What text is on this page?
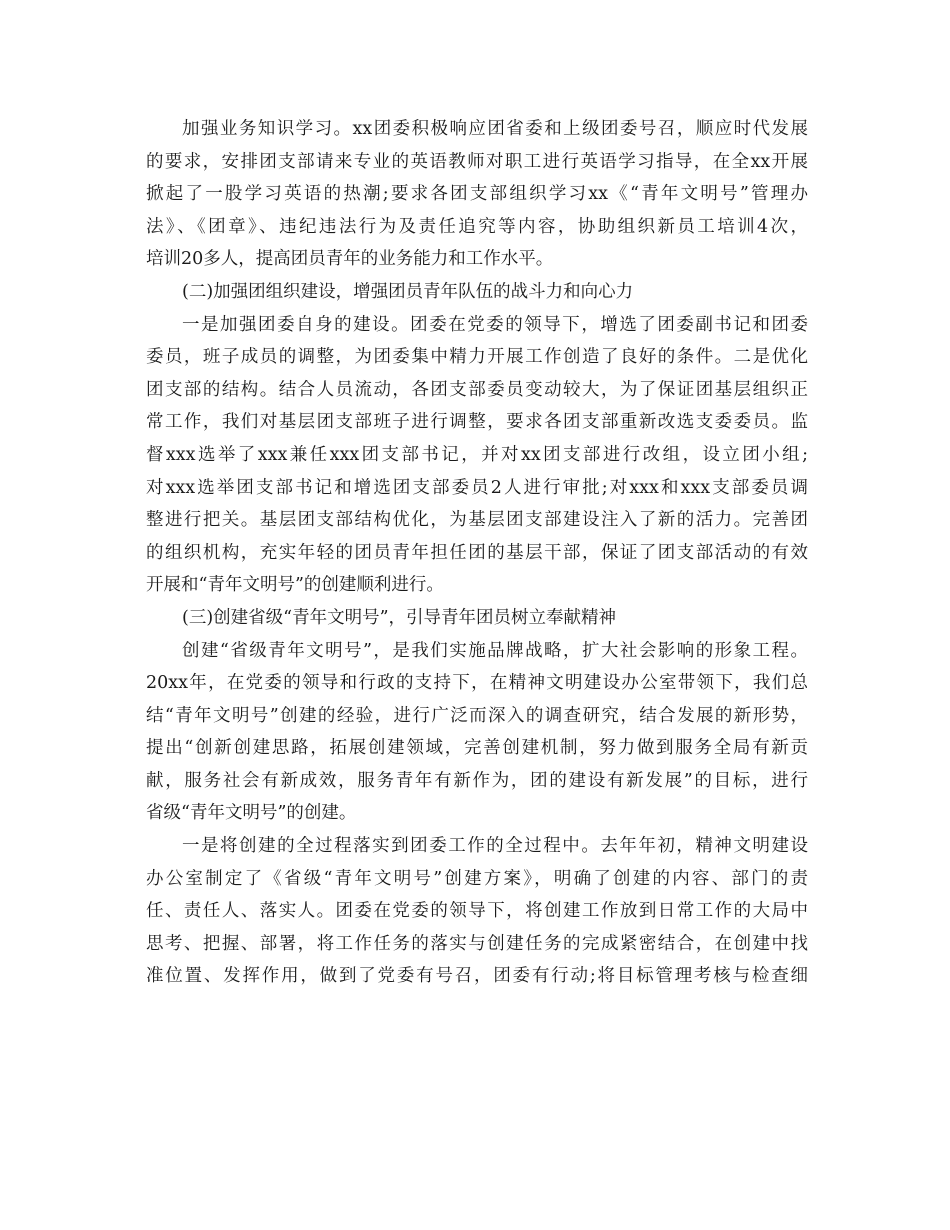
加强业务知识学习。xx团委积极响应团省委和上级团委号召，顺应时代发展
的要求，安排团支部请来专业的英语教师对职工进行英语学习指导，在全xx开展
掀起了一股学习英语的热潮;要求各团支部组织学习xx《“青年文明号”管理办
法》、《团章》、违纪违法行为及责任追究等内容，协助组织新员工培训4次，
培训20多人，提高团员青年的业务能力和工作水平。
(二)加强团组织建设，增强团员青年队伍的战斗力和向心力
一是加强团委自身的建设。团委在党委的领导下，增选了团委副书记和团委
委员，班子成员的调整，为团委集中精力开展工作创造了良好的条件。二是优化
团支部的结构。结合人员流动，各团支部委员变动较大，为了保证团基层组织正
常工作，我们对基层团支部班子进行调整，要求各团支部重新改选支委委员。监
督xxx选举了xxx兼任xxx团支部书记，并对xx团支部进行改组，设立团小组;
对xxx选举团支部书记和增选团支部委员2人进行审批;对xxx和xxx支部委员调
整进行把关。基层团支部结构优化，为基层团支部建设注入了新的活力。完善团
的组织机构，充实年轻的团员青年担任团的基层干部，保证了团支部活动的有效
开展和“青年文明号”的创建顺利进行。
(三)创建省级“青年文明号”，引导青年团员树立奉献精神
创建“省级青年文明号”，是我们实施品牌战略，扩大社会影响的形象工程。
20xx年，在党委的领导和行政的支持下，在精神文明建设办公室带领下，我们总
结“青年文明号”创建的经验，进行广泛而深入的调查研究，结合发展的新形势，
提出“创新创建思路，拓展创建领域，完善创建机制，努力做到服务全局有新贡
献，服务社会有新成效，服务青年有新作为，团的建设有新发展”的目标，进行
省级“青年文明号”的创建。
一是将创建的全过程落实到团委工作的全过程中。去年年初，精神文明建设
办公室制定了《省级“青年文明号”创建方案》，明确了创建的内容、部门的责
任、责任人、落实人。团委在党委的领导下，将创建工作放到日常工作的大局中
思考、把握、部署，将工作任务的落实与创建任务的完成紧密结合，在创建中找
准位置、发挥作用，做到了党委有号召，团委有行动;将目标管理考核与检查细
